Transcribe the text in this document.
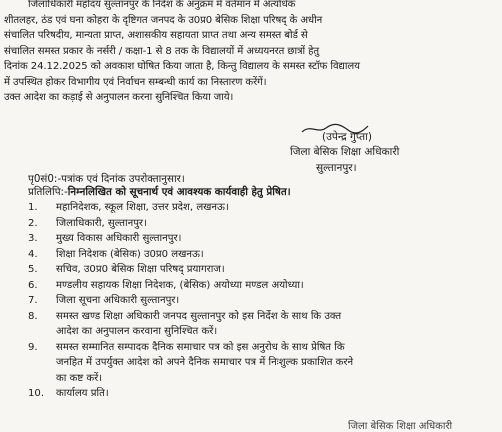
जिलाधिकारी महोदय सुल्तानपुर के निर्देश के अनुक्रम में वर्तमान में अत्यधिक
शीतलहर, ठंड एवं घना कोहरा के दृष्टिगत जनपद के उ0प्र0 बेसिक शिक्षा परिषद् के अधीन
संचालित परिषदीय, मान्यता प्राप्त, अशासकीय सहायता प्राप्त तथा अन्य समस्त बोर्ड से
संचालित समस्त प्रकार के नर्सरी / कक्षा-1 से 8 तक के विद्यालयों में अध्ययनरत छात्रों हेतु
दिनांक 24.12.2025 को अवकाश घोषित किया जाता है, किन्तु विद्यालय के समस्त स्टॉफ विद्यालय
में उपस्थित होकर विभागीय एवं निर्वाचन सम्बन्धी कार्य का निस्तारण करेंगें।
उक्त आदेश का कड़ाई से अनुपालन करना सुनिश्चित किया जाये।
(उपेन्द्र गुप्ता)
जिला बेसिक शिक्षा अधिकारी
सुल्तानपुर।
पृ0सं0:-पत्रांक एवं दिनांक उपरोक्तानुसार।
प्रतिलिपि:-निम्नलिखित को सूचनार्थ एवं आवश्यक कार्यवाही हेतु प्रेषित।
1.	महानिदेशक, स्कूल शिक्षा, उत्तर प्रदेश, लखनऊ।
2.	जिलाधिकारी, सुल्तानपुर।
3.	मुख्य विकास अधिकारी सुल्तानपुर।
4.	शिक्षा निदेशक (बेसिक) उ0प्र0 लखनऊ।
5.	सचिव, उ0प्र0 बेसिक शिक्षा परिषद् प्रयागराज।
6.	मण्डलीय सहायक शिक्षा निदेशक, (बेसिक) अयोध्या मण्डल अयोध्या।
7.	जिला सूचना अधिकारी सुल्तानपुर।
8.	समस्त खण्ड शिक्षा अधिकारी जनपद सुल्तानपुर को इस निर्देश के साथ कि उक्त
आदेश का अनुपालन करवाना सुनिश्चित करें।
9.	समस्त सम्मानित सम्पादक दैनिक समाचार पत्र को इस अनुरोध के साथ प्रेषित कि
जनहित में उपर्युक्त आदेश को अपने दैनिक समाचार पत्र में निःशुल्क प्रकाशित करने
का कष्ट करें।
10.	कार्यालय प्रति।
जिला बेसिक शिक्षा अधिकारी
